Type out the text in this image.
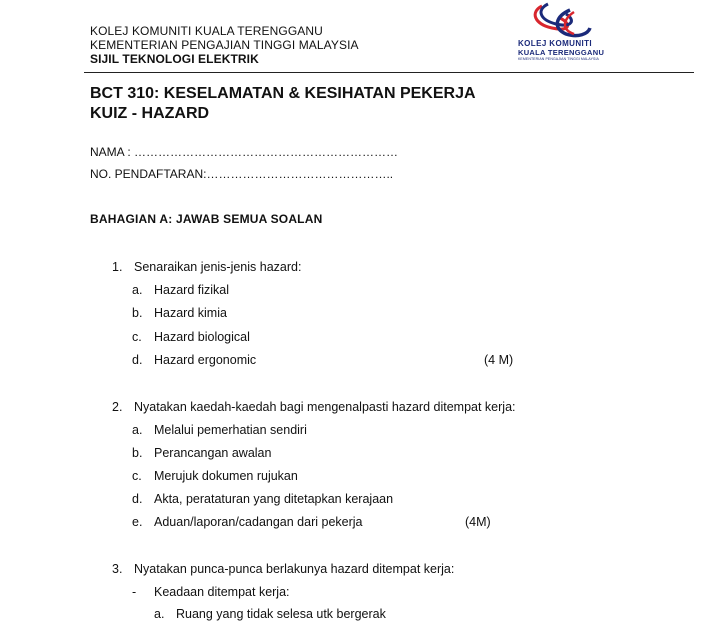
KOLEJ KOMUNITI KUALA TERENGGANU
KEMENTERIAN PENGAJIAN TINGGI MALAYSIA
SIJIL TEKNOLOGI ELEKTRIK
KOLEJ KOMUNITI
KUALA TERENGGANU
KEMENTERIAN PENGAJIAN TINGGI MALAYSIA
BCT 310: KESELAMATAN & KESIHATAN PEKERJA
KUIZ - HAZARD
NAMA : …………………………………………………………
NO. PENDAFTARAN:………………………………………..
BAHAGIAN A: JAWAB SEMUA SOALAN
1. Senaraikan jenis-jenis hazard:
a. Hazard fizikal
b. Hazard kimia
c. Hazard biological
d. Hazard ergonomic	(4 M)
2. Nyatakan kaedah-kaedah bagi mengenalpasti hazard ditempat kerja:
a. Melalui pemerhatian sendiri
b. Perancangan awalan
c. Merujuk dokumen rujukan
d. Akta, perataturan yang ditetapkan kerajaan
e. Aduan/laporan/cadangan dari pekerja	(4M)
3. Nyatakan punca-punca berlakunya hazard ditempat kerja:
- Keadaan ditempat kerja:
a. Ruang yang tidak selesa utk bergerak
